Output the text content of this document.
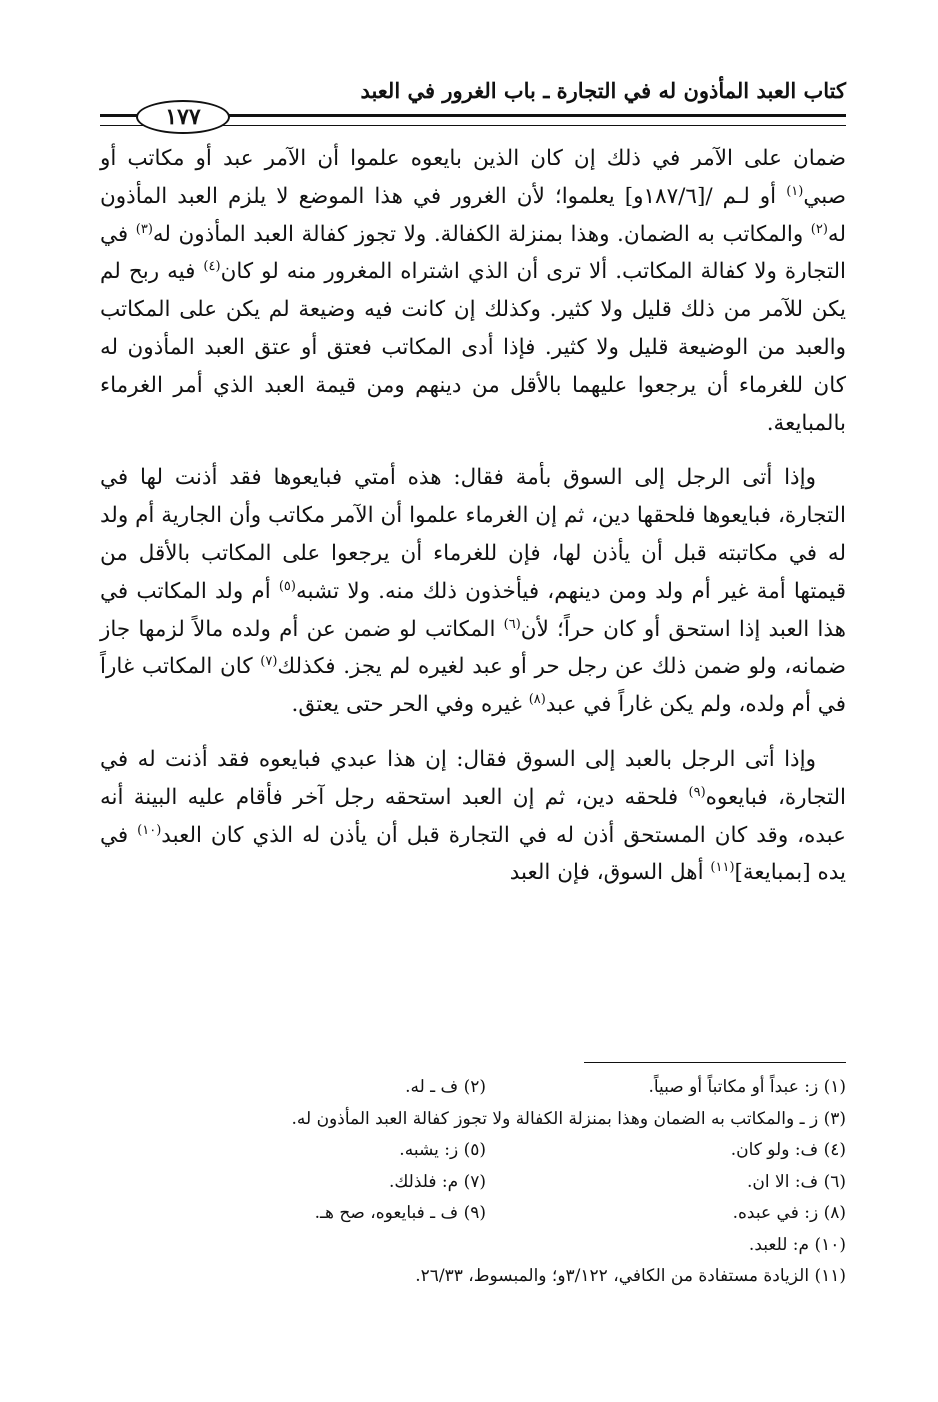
كتاب العبد المأذون له في التجارة ـ باب الغرور في العبد
١٧٧

ضمان على الآمر في ذلك إن كان الذين بايعوه علموا أن الآمر عبد أو مكاتب أو صبي$^{(١)}$ أو لـم /[١٨٧/٦و] يعلموا؛ لأن الغرور في هذا الموضع لا يلزم العبد المأذون له$^{(٢)}$ والمكاتب به الضمان. وهذا بمنزلة الكفالة. ولا تجوز كفالة العبد المأذون له$^{(٣)}$ في التجارة ولا كفالة المكاتب. ألا ترى أن الذي اشتراه المغرور منه لو كان$^{(٤)}$ فيه ربح لم يكن للآمر من ذلك قليل ولا كثير. وكذلك إن كانت فيه وضيعة لم يكن على المكاتب والعبد من الوضيعة قليل ولا كثير. فإذا أدى المكاتب فعتق أو عتق العبد المأذون له كان للغرماء أن يرجعوا عليهما بالأقل من دينهم ومن قيمة العبد الذي أمر الغرماء بالمبايعة.

وإذا أتى الرجل إلى السوق بأمة فقال: هذه أمتي فبايعوها فقد أذنت لها في التجارة، فبايعوها فلحقها دين، ثم إن الغرماء علموا أن الآمر مكاتب وأن الجارية أم ولد له في مكاتبته قبل أن يأذن لها، فإن للغرماء أن يرجعوا على المكاتب بالأقل من قيمتها أمة غير أم ولد ومن دينهم، فيأخذون ذلك منه. ولا تشبه$^{(٥)}$ أم ولد المكاتب في هذا العبد إذا استحق أو كان حراً؛ لأن$^{(٦)}$ المكاتب لو ضمن عن أم ولده مالاً لزمها جاز ضمانه، ولو ضمن ذلك عن رجل حر أو عبد لغيره لم يجز. فكذلك$^{(٧)}$ كان المكاتب غاراً في أم ولده، ولم يكن غاراً في عبد$^{(٨)}$ غيره وفي الحر حتى يعتق.

وإذا أتى الرجل بالعبد إلى السوق فقال: إن هذا عبدي فبايعوه فقد أذنت له في التجارة، فبايعوه$^{(٩)}$ فلحقه دين، ثم إن العبد استحقه رجل آخر فأقام عليه البينة أنه عبده، وقد كان المستحق أذن له في التجارة قبل أن يأذن له الذي كان العبد$^{(١٠)}$ في يده [بمبايعة]$^{(١١)}$ أهل السوق، فإن العبد

(١) ز: عبداً أو مكاتباً أو صبياً.
(٢) ف ـ له.
(٣) ز ـ والمكاتب به الضمان وهذا بمنزلة الكفالة ولا تجوز كفالة العبد المأذون له.
(٤) ف: ولو كان.
(٥) ز: يشبه.
(٦) ف: الا ان.
(٧) م: فلذلك.
(٨) ز: في عبده.
(٩) ف ـ فبايعوه، صح هـ.
(١٠) م: للعبد.
(١١) الزيادة مستفادة من الكافي، ٣/١٢٢و؛ والمبسوط، ٢٦/٣٣.
